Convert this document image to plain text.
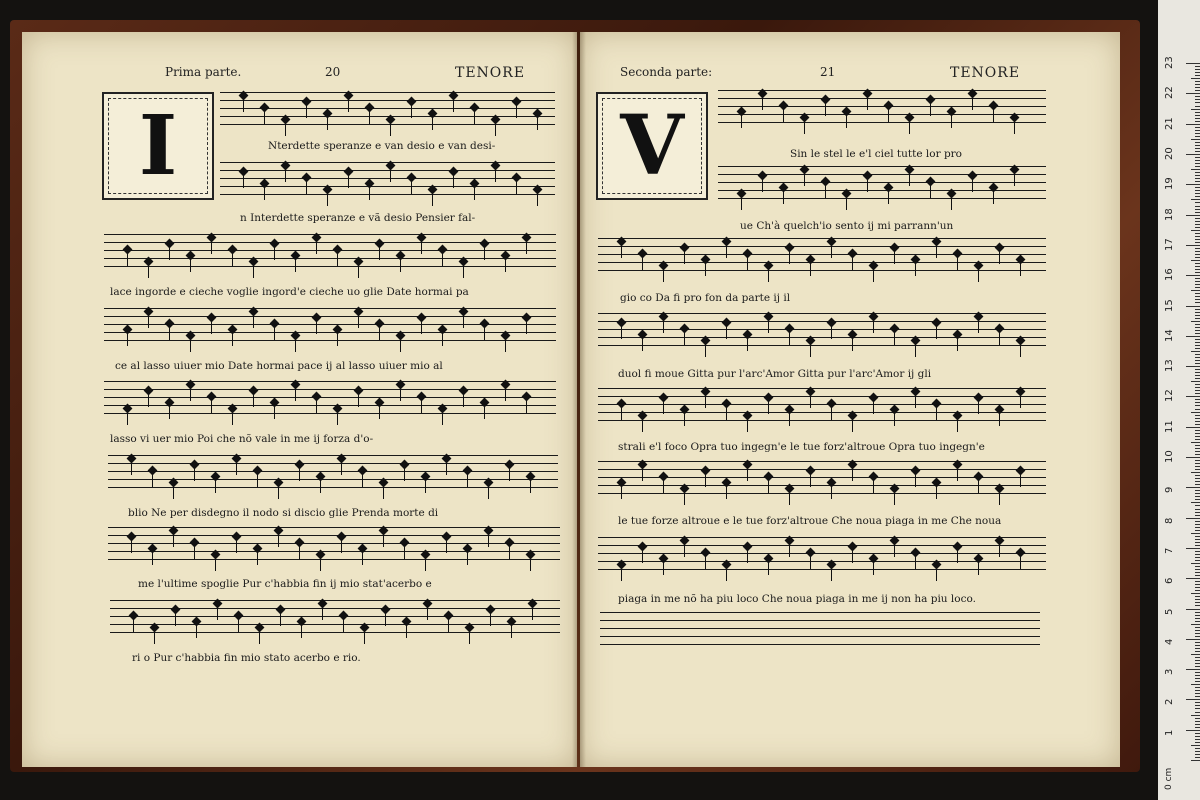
Prima parte.	20	TENORE
I
Seconda parte:	21	TENORE
V
Nterdette speranze e van desio e van desi-
n Interdette speranze e vã desio Pensier fal-
lace ingorde e cieche voglie ingord'e cieche uo glie Date hormai pa
ce al lasso uiuer mio Date hormai pace ij al lasso uiuer mio al
lasso vi uer mio Poi che nõ vale in me ij forza d'o-
blio Ne per disdegno il nodo si discio glie Prenda morte di
me l'ultime spoglie Pur c'habbia fin ij mio stat'acerbo e
ri o Pur c'habbia fin mio stato acerbo e rio.
Sin le stel le e'l ciel tutte lor pro
ue Ch'à quelch'io sento ij mi parrann'un
gio co Da fi pro fon da parte ij il
duol fi moue Gitta pur l'arc'Amor Gitta pur l'arc'Amor ij gli
strali e'l foco Opra tuo ingegn'e le tue forz'altroue Opra tuo ingegn'e
le tue forze altroue e le tue forz'altroue Che noua piaga in me Che noua
piaga in me nõ ha piu loco Che noua piaga in me ij non ha piu loco.
0 cm
1
2
3
4
5
6
7
8
9
10
11
12
13
14
15
16
17
18
19
20
21
22
23
